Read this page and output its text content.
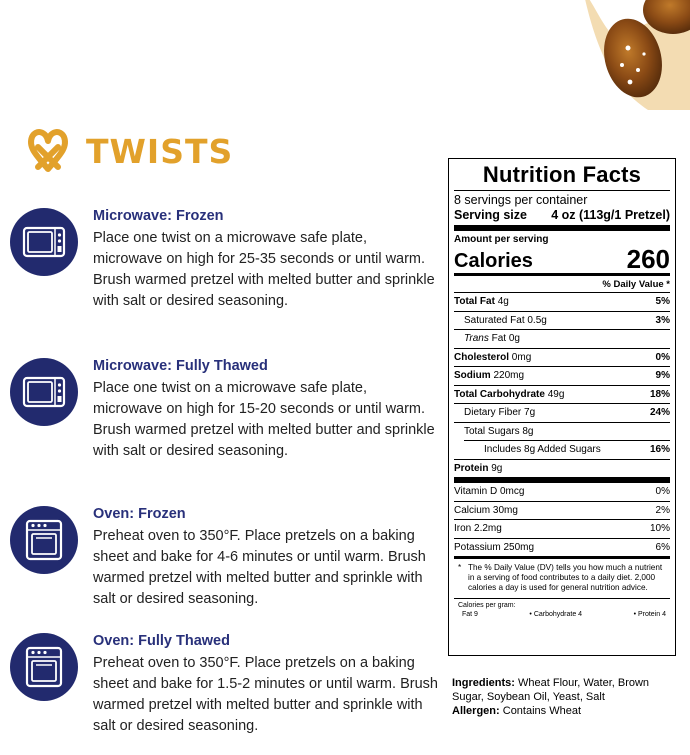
TWISTS
Microwave: Frozen
Place one twist on a microwave safe plate, microwave on high for 25-35 seconds or until warm. Brush warmed pretzel with melted butter and sprinkle with salt or desired seasoning.
Microwave: Fully Thawed
Place one twist on a microwave safe plate, microwave on high for 15-20 seconds or until warm. Brush warmed pretzel with melted butter and sprinkle with salt or desired seasoning.
Oven: Frozen
Preheat oven to 350°F. Place pretzels on a baking sheet and bake for 4-6 minutes or until warm. Brush warmed pretzel with melted butter and sprinkle with salt or desired seasoning.
Oven: Fully Thawed
Preheat oven to 350°F. Place pretzels on a baking sheet and bake for 1.5-2 minutes or until warm. Brush warmed pretzel with melted butter and sprinkle with salt or desired seasoning.
Nutrition Facts
8 servings per container
Serving size 4 oz (113g/1 Pretzel)
Amount per serving
Calories	260
% Daily Value *
Total Fat 4g	5%
Saturated Fat 0.5g	3%
Trans Fat 0g
Cholesterol 0mg	0%
Sodium 220mg	9%
Total Carbohydrate 49g	18%
Dietary Fiber 7g	24%
Total Sugars 8g
Includes 8g Added Sugars	16%
Protein 9g
Vitamin D 0mcg	0%
Calcium 30mg	2%
Iron 2.2mg	10%
Potassium 250mg	6%
* The % Daily Value (DV) tells you how much a nutrient in a serving of food contributes to a daily diet. 2,000 calories a day is used for general nutrition advice.
Calories per gram:
Fat 9	• Carbohydrate 4	• Protein 4
Ingredients: Wheat Flour, Water, Brown Sugar, Soybean Oil, Yeast, Salt
Allergen: Contains Wheat
